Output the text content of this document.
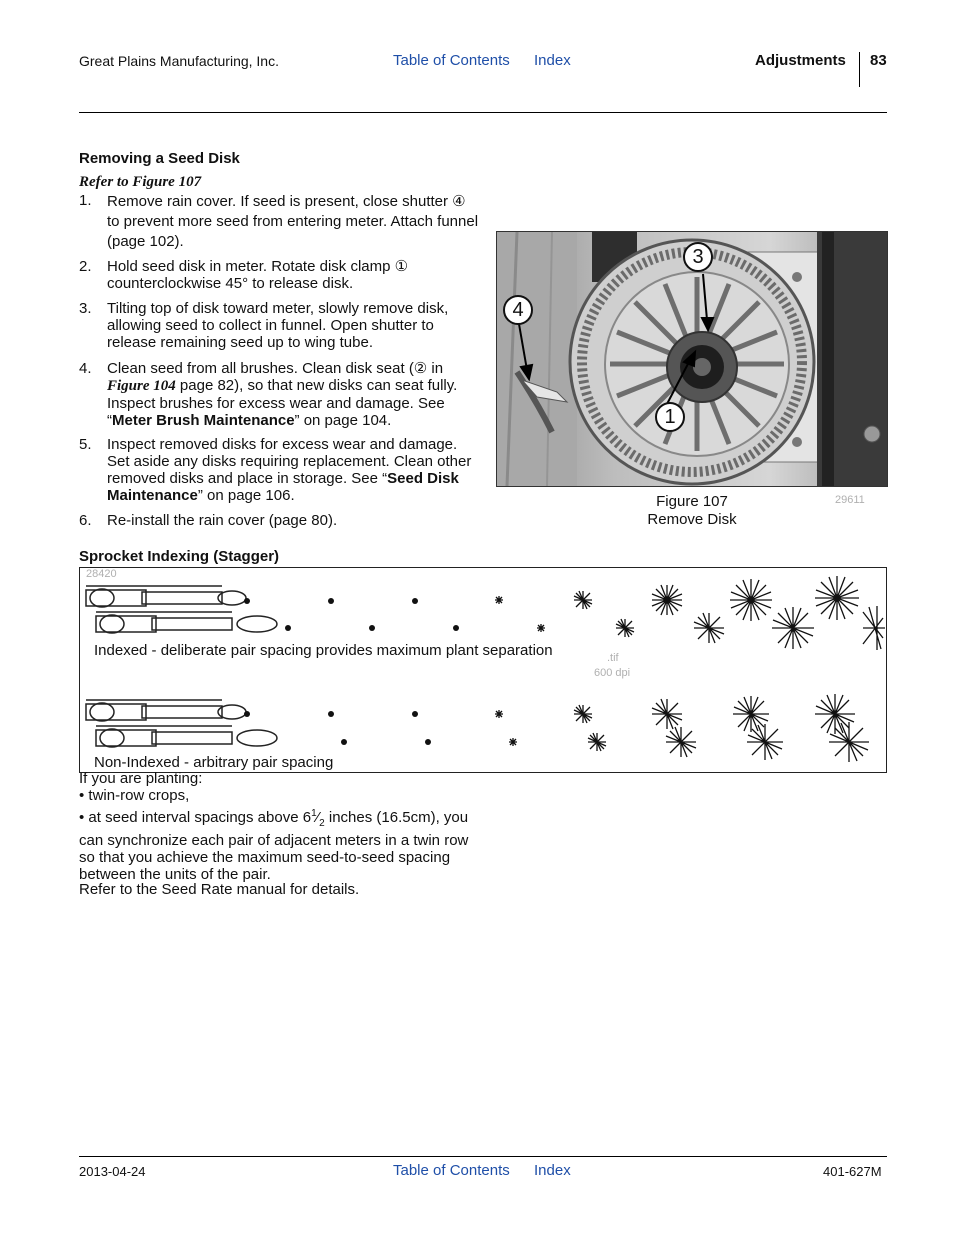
Great Plains Manufacturing, Inc.	Table of Contents Index	Adjustments 83
Removing a Seed Disk
Refer to Figure 107
1. Remove rain cover. If seed is present, close shutter ④ to prevent more seed from entering meter. Attach funnel (page 102).
2. Hold seed disk in meter. Rotate disk clamp ① counterclockwise 45° to release disk.
3. Tilting top of disk toward meter, slowly remove disk, allowing seed to collect in funnel. Open shutter to release remaining seed up to wing tube.
4. Clean seed from all brushes. Clean disk seat (② in Figure 104 page 82), so that new disks can seat fully. Inspect brushes for excess wear and damage. See “Meter Brush Maintenance” on page 104.
5. Inspect removed disks for excess wear and damage. Set aside any disks requiring replacement. Clean other removed disks and place in storage. See “Seed Disk Maintenance” on page 106.
6. Re-install the rain cover (page 80).
3
4
1
Figure 107
Remove Disk
29611
Sprocket Indexing (Stagger)
28420
Indexed - deliberate pair spacing provides maximum plant separation	.tif
600 dpi
Non-Indexed - arbitrary pair spacing
If you are planting:
• twin-row crops,
• at seed interval spacings above $6^1⁄_2$ inches (16.5cm), you can synchronize each pair of adjacent meters in a twin row so that you achieve the maximum seed-to-seed spacing between the units of the pair.
Refer to the Seed Rate manual for details.
2013-04-24	Table of Contents Index	401-627M
